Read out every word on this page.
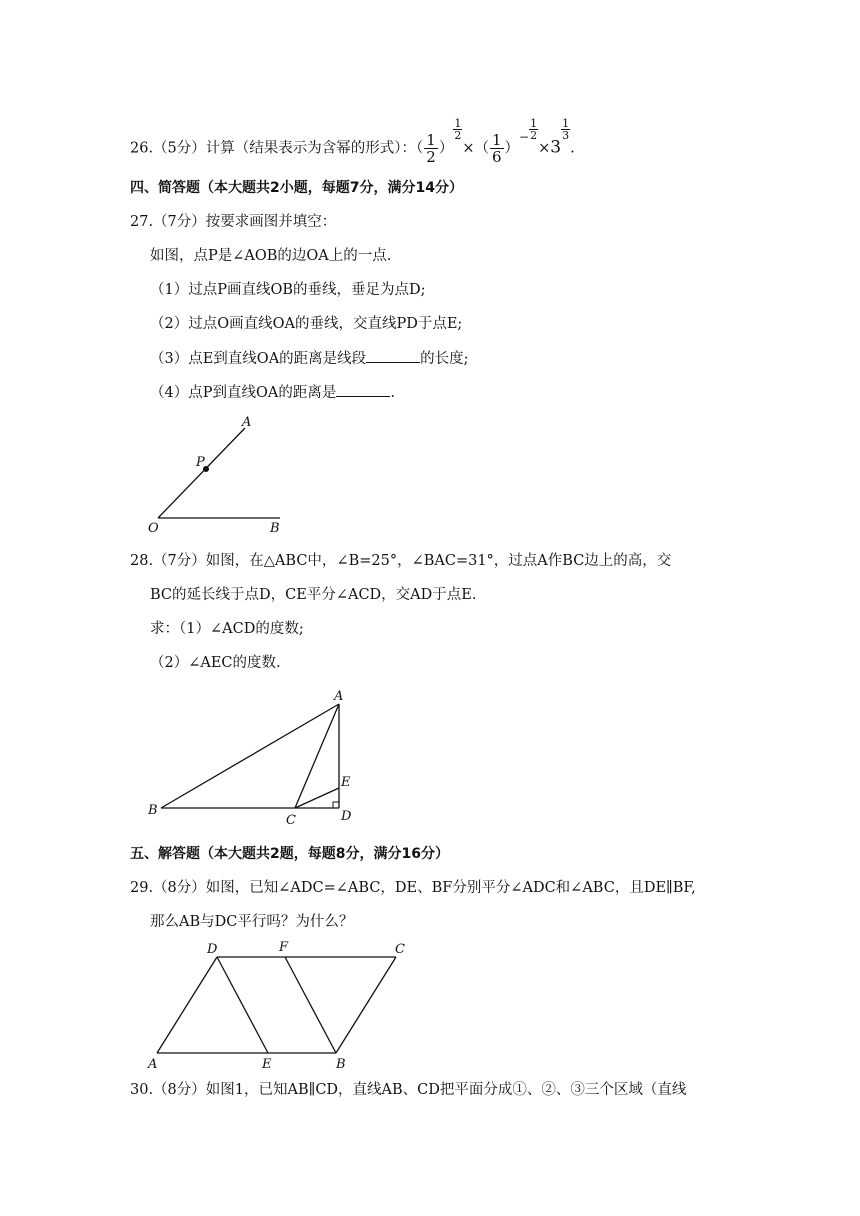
26.（5分）计算（结果表示为含幂的形式）：（ $\frac{1}{2}$ ）
$\frac{1}{2}$
×（ $\frac{1}{6} )^- \frac{1}{2}$
×3
$\frac{1}{3}$
.
四、简答题（本大题共2小题，每题7分，满分14分）
27.（7分）按要求画图并填空：
如图，点P是∠AOB的边OA上的一点.
（1）过点P画直线OB的垂线，垂足为点D;
（2）过点O画直线OA的垂线，交直线PD于点E;
（3）点E到直线OA的距离是线段	的长度;
（4）点P到直线OA的距离是	.
A
P
O	B
28.（7分）如图，在△ABC中，∠B=25°，∠BAC=31°，过点A作BC边上的高，交
BC的延长线于点D，CE平分∠ACD，交AD于点E.
求：（1）∠ACD的度数;
（2）∠AEC的度数.
A
B
C	D
E
五、解答题（本大题共2题，每题8分，满分16分）
29.（8分）如图，已知∠ADC=∠ABC，DE、BF分别平分∠ADC和∠ABC，且DE∥BF,
那么AB与DC平行吗？为什么？
D	F	C
A	E	B
30.（8分）如图1，已知AB∥CD，直线AB、CD把平面分成①、②、③三个区域（直线
